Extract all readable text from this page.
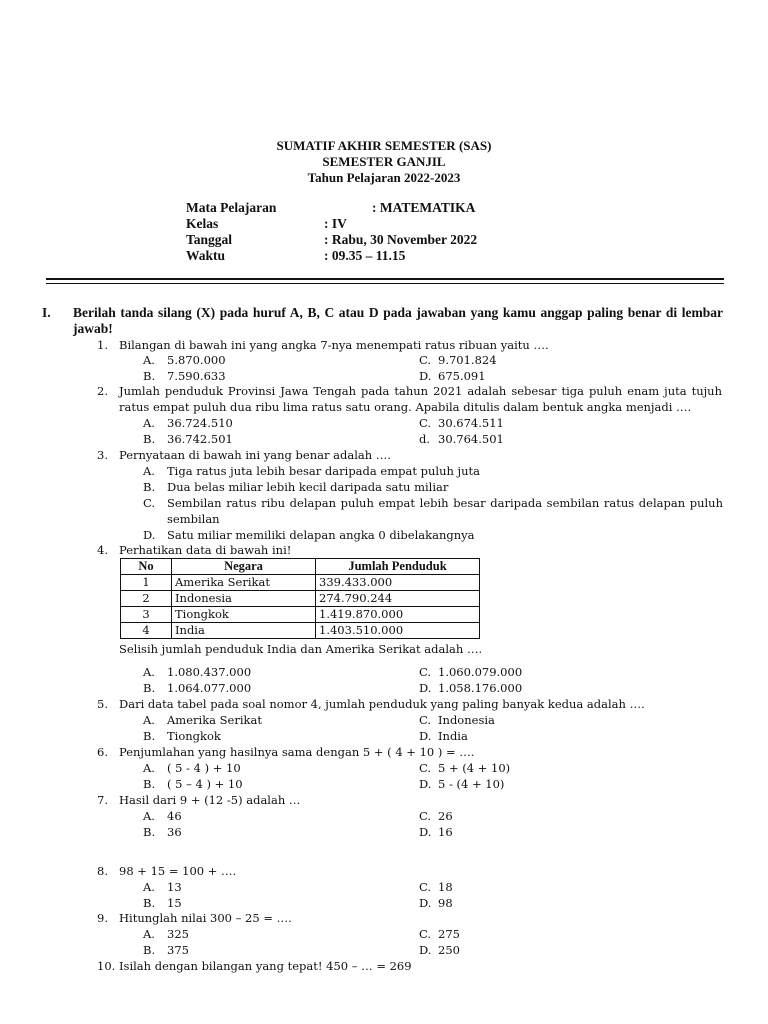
SUMATIF AKHIR SEMESTER (SAS)
SEMESTER GANJIL
Tahun Pelajaran 2022-2023
Mata Pelajaran	: MATEMATIKA
Kelas	: IV
Tanggal	: Rabu, 30 November 2022
Waktu	: 09.35 – 11.15
I. Berilah tanda silang (X) pada huruf A, B, C atau D pada jawaban yang kamu anggap paling benar di lembar jawab!
1. Bilangan di bawah ini yang angka 7-nya menempati ratus ribuan yaitu ….
A. 5.870.000	C. 9.701.824
B. 7.590.633	D. 675.091
2. Jumlah penduduk Provinsi Jawa Tengah pada tahun 2021 adalah sebesar tiga puluh enam juta tujuh ratus empat puluh dua ribu lima ratus satu orang. Apabila ditulis dalam bentuk angka menjadi ….
A. 36.724.510	C. 30.674.511
B. 36.742.501	d. 30.764.501
3. Pernyataan di bawah ini yang benar adalah ….
A. Tiga ratus juta lebih besar daripada empat puluh juta
B. Dua belas miliar lebih kecil daripada satu miliar
C. Sembilan ratus ribu delapan puluh empat lebih besar daripada sembilan ratus delapan puluh sembilan
D. Satu miliar memiliki delapan angka 0 dibelakangnya
4. Perhatikan data di bawah ini!
No	Negara	Jumlah Penduduk
1	Amerika Serikat	339.433.000
2	Indonesia	274.790.244
3	Tiongkok	1.419.870.000
4	India	1.403.510.000
Selisih jumlah penduduk India dan Amerika Serikat adalah ….
A. 1.080.437.000	C. 1.060.079.000
B. 1.064.077.000	D. 1.058.176.000
5. Dari data tabel pada soal nomor 4, jumlah penduduk yang paling banyak kedua adalah ….
A. Amerika Serikat	C. Indonesia
B. Tiongkok	D. India
6. Penjumlahan yang hasilnya sama dengan 5 + ( 4 + 10 ) = ….
A. ( 5 - 4 ) + 10	C. 5 + (4 + 10)
B. ( 5 – 4 ) + 10	D. 5 - (4 + 10)
7. Hasil dari 9 + (12 -5) adalah …
A. 46	C. 26
B. 36	D. 16
8. 98 + 15 = 100 + ….
A. 13	C. 18
B. 15	D. 98
9. Hitunglah nilai 300 – 25 = ….
A. 325	C. 275
B. 375	D. 250
10. Isilah dengan bilangan yang tepat! 450 – … = 269
